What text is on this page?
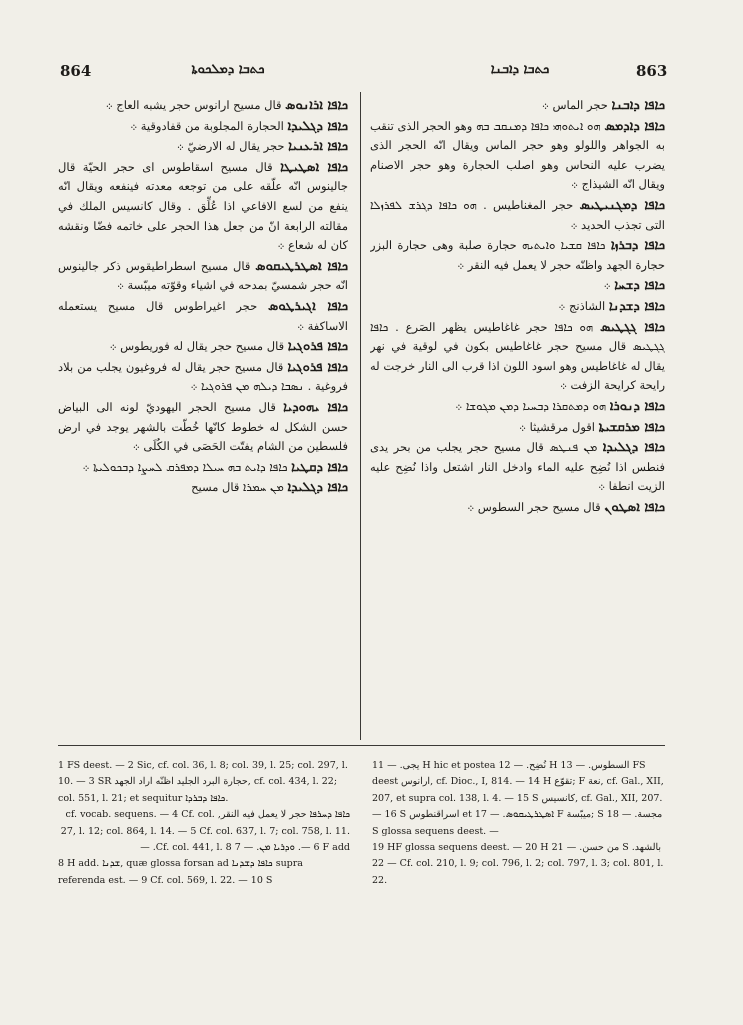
864	ܟܬܒܐ ܕܡܠܟܘܬܐ	ܟܬܒܐ ܕܐܒܢܐ	863

ܟܐܦܐ ܐܪܐܢܘܣ قال مسيح ارانوس حجر يشبه العاج ܀

ܟܐܦܐ ܕܓܠܝܕܐ الحجارة المجلوبة من قفادوقية ܀

ܟܐܦܐ ܐܪܥܢܝܐ حجر يقال له الارضيّ ܀

ܟܐܦܐ ܐܣܛܝܛܐ قال مسيح اسقاطوس اى حجر الحيّة قال جالينوس انّه علّقه على من توجعه معدته فينفعه ويقال انّه ينفع من لسع الافاعي اذا عُلِّق . وقال كانسيس الملك في مقالته الرابعة انّ من جعل هذا الحجر على خاتمه فضّا ونقشه كان له شعاع ܀

ܟܐܦܐ ܐܣܛܪܛܝܩܘܣ قال مسيح اسطراطيقوس ذكر جالينوس انّه حجر شمسيّ بمدحه في اشياء وقوّته ميبّسة ܀

ܟܐܦܐ ܐܓܝܪܛܘܣ حجر اغيراطوس قال مسيح يستعمله الاساكفة ܀

ܟܐܦܐ ܦܪܘܓܝܐ قال مسيح حجر يقال له فوريطوس ܀

ܟܐܦܐ ܦܪܘܓܝܐ قال مسيح حجر يقال له فروغيون يجلب من بلاد فروغية . ܢܣܒܐ ܕܝܠܗ ܡܢ ܦܪܘܓܝܐ ܀

ܟܐܦܐ ܝܗܘܕܝܐ قال مسيح الحجر اليهوديّ لونه الى البياض حسن الشكل له خطوط كانّها خُطّت بالشهر يوجد في ارض فلسطين من الشام يفتّت الحَصَى في الكُلَى ܀

ܟܐܦܐ ܕܩܛܝܐ ܟܐܦܐ ܕܐܝܬ ܒܗ ܚܝܠܐ ܕܡܦܪܩ ܠܚܨܐ ܕܒܟܘܠܝܬܐ ܀

ܟܐܦܐ ܕܓܠܝܕܐ ܡܢ ܚܡܪܐ قال مسيح

ܟܐܦܐ ܕܐܒܢܐ حجر الماس ܀

ܟܐܦܐ ܕܐܕܡܣ ܗܘ ܐܝܬܘܗܝ ܟܐܦܐ ܕܡܢܩܒ ܒܗ وهو الحجر الذى تنقب به الجواهر واللولو وهو حجر الماس ويقال انّه الحجر الذى يضرب عليه النحاس وهو اصلب الحجارة وهو حجر الاصنام ويقال انّه الشيذاج ܀

ܟܐܦܐ ܕܡܓܢܝܛܝܣ حجر المغناطيس . ܗܘ ܟܐܦܐ ܕܓܪܫ ܠܦܪܙܠܐ التى تجذب الحديد ܀

ܟܐܦܐ ܕܒܪܙܐ ܟܐܦܐ ܩܫܝܐ ܘܐܝܬܝܗ حجارة صلبة وهى حجارة البزر حجارة الجهد واظنّه حجر لا يعمل فيه النقر ܀

ܟܐܦܐ ܕܫܚܐ ܀

ܟܐܦܐ ܕܫܕܢܐ الشاذنج ܀

ܟܐܦܐ ܓܓܛܝܣ ܗܘ ܟܐܦܐ حجر غاغاطيس يظهر الصَرع . ܟܐܦܐ ܓܓܛܝܣ قال مسيح حجر غاغاطيس بكون في لوقية في نهر يقال له غاغاطيس وهو اسود اللون اذا قرب الى النار خرجت له رايحة كرايحة الزفت ܀

ܟܐܦܐ ܕܢܘܪܐ ܗܘ ܕܡܬܩܪܐ ܕܒܚܝܐ ܕܡܢ ܡܓܘܫܐ ܀

ܟܐܦܐ ܡܪܩܫܝܬܐ اقول مرقشيثا ܀

ܟܐܦܐ ܕܓܠܝܕܐ ܡܢ ܦܢܛܣ قال مسيح حجر يجلب من بحر يدى فنطس اذا نُضِح عليه الماء وادخل النار اشتعل واذا نُضِح عليه الزيت انطفا ܀

ܟܐܦܐ ܐܣܛܘܢ قال مسيح حجر السطوس ܀

1 FS deest. — 2 Sic, cf. col. 36, l. 8; col. 39, l. 25; col. 297, l. 10. — 3 SR حجارة البرد الجليد اظنّه اراد الجهد, cf. col. 434, l. 22; col. 551, l. 21; et sequitur ܟܐܦܐ ܕܒܪܕܐ.

ܟܐܦܐ ܕܚܪܦܐ حجر لا يعمل فيه النقر, cf. vocab. sequens. — 4 Cf. col. 27, l. 12; col. 864, l. 14. — 5 Cf. col. 637, l. 7; col. 758, l. 11. — 6 F add. ܘܕܪܝܐ ܡܢ. — 7 Cf. col. 441, l. 8. —

8 H add. ܫܕܢܐ, quæ glossa forsan ad ܟܐܦܐ ܕܫܕܢܐ supra referenda est. — 9 Cf. col. 569, l. 22. — 10 S

يجى. — 11 H hic et postea نُضِح. — 12 H السطوس. — 13 FS deest ارانوس, cf. Dioc., I, 814. — 14 H تقوّع; F نعة, cf. Gal., XII, 207, et supra col. 138, l. 4. — 15 S كانسيس, cf. Gal., XII, 207. — 16 S اسراقنطوس et ܐܣܛܪܛܝܩܘܣ. — 17 F ميبّسة; S مجسة. — 18 S glossa sequens deest. —

19 HF glossa sequens deest. — 20 H من حسن. — 21 S بالشهد. — 22 Cf. col. 210, l. 9; col. 796, l. 2; col. 797, l. 3; col. 801, l. 22.
